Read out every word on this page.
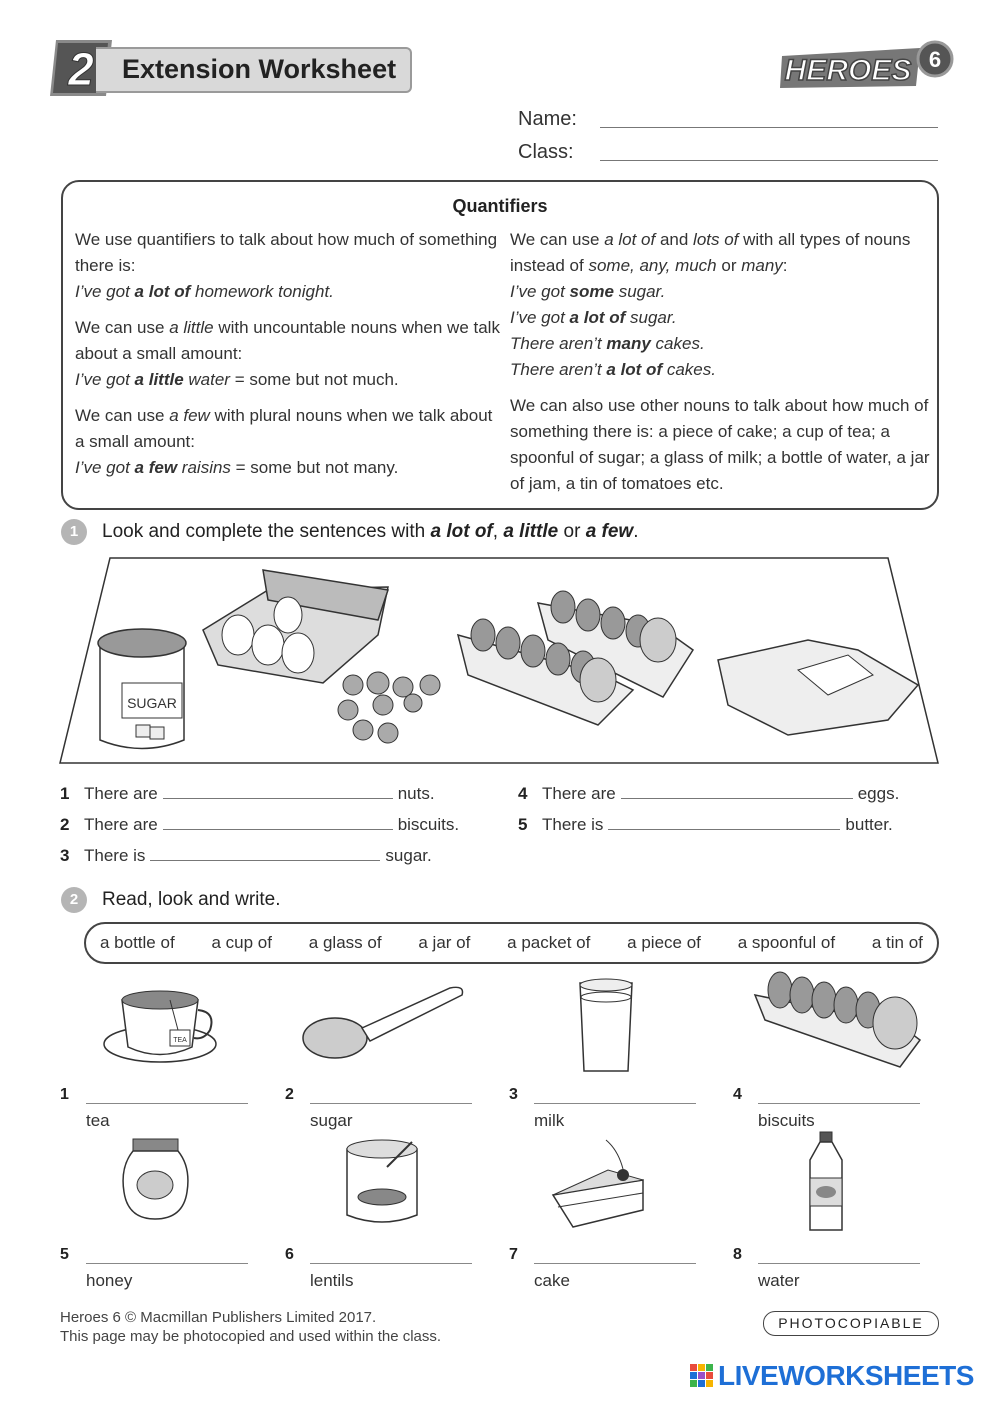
2 Extension Worksheet	HEROES 6
Name:
Class:
Quantifiers

We use quantifiers to talk about how much of something there is:
I’ve got a lot of homework tonight.

We can use a little with uncountable nouns when we talk about a small amount:
I’ve got a little water = some but not much.

We can use a few with plural nouns when we talk about a small amount:
I’ve got a few raisins = some but not many.

We can use a lot of and lots of with all types of nouns instead of some, any, much or many:
I’ve got some sugar.
I’ve got a lot of sugar.
There aren’t many cakes.
There aren’t a lot of cakes.

We can also use other nouns to talk about how much of something there is: a piece of cake; a cup of tea; a spoonful of sugar; a glass of milk; a bottle of water, a jar of jam, a tin of tomatoes etc.

1	Look and complete the sentences with a lot of, a little or a few.
SUGAR
1 There are	nuts.
2 There are	biscuits.
3 There is	sugar.
4 There are	eggs.
5 There is	butter.
2	Read, look and write.
a bottle of a cup of a glass of a jar of a packet of a piece of a spoonful of a tin of
TEA
1
tea
2
sugar
3
milk
4
biscuits
5
honey
6
lentils
7
cake
8
water
Heroes 6 © Macmillan Publishers Limited 2017.
This page may be photocopied and used within the class.
PHOTOCOPIABLE
LIVEWORKSHEETS
